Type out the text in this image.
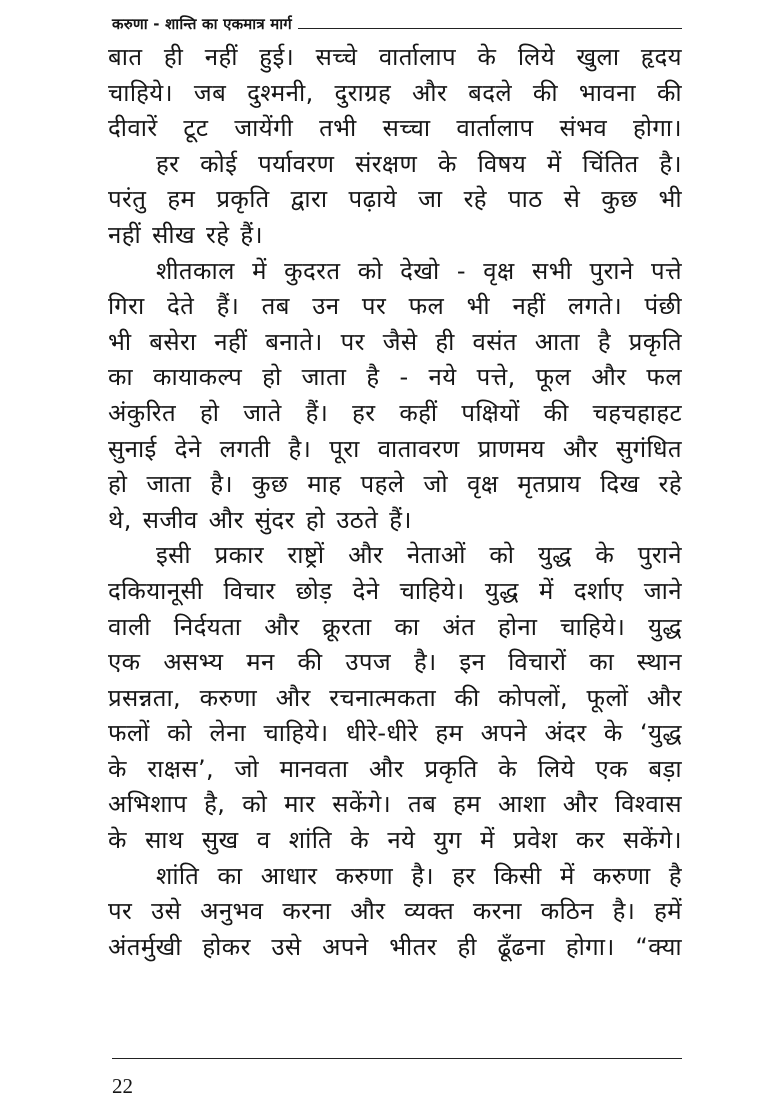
करुणा - शान्ति का एकमात्र मार्ग

बात ही नहीं हुई। सच्चे वार्तालाप के लिये खुला हृदय
चाहिये। जब दुश्मनी, दुराग्रह और बदले की भावना की
दीवारें टूट जायेंगी तभी सच्चा वार्तालाप संभव होगा।

हर कोई पर्यावरण संरक्षण के विषय में चिंतित है।
परंतु हम प्रकृति द्वारा पढ़ाये जा रहे पाठ से कुछ भी
नहीं सीख रहे हैं।

शीतकाल में कुदरत को देखो - वृक्ष सभी पुराने पत्ते
गिरा देते हैं। तब उन पर फल भी नहीं लगते। पंछी
भी बसेरा नहीं बनाते। पर जैसे ही वसंत आता है प्रकृति
का कायाकल्प हो जाता है - नये पत्ते, फूल और फल
अंकुरित हो जाते हैं। हर कहीं पक्षियों की चहचहाहट
सुनाई देने लगती है। पूरा वातावरण प्राणमय और सुगंधित
हो जाता है। कुछ माह पहले जो वृक्ष मृतप्राय दिख रहे
थे, सजीव और सुंदर हो उठते हैं।

इसी प्रकार राष्ट्रों और नेताओं को युद्ध के पुराने
दकियानूसी विचार छोड़ देने चाहिये। युद्ध में दर्शाए जाने
वाली निर्दयता और क्रूरता का अंत होना चाहिये। युद्ध
एक असभ्य मन की उपज है। इन विचारों का स्थान
प्रसन्नता, करुणा और रचनात्मकता की कोपलों, फूलों और
फलों को लेना चाहिये। धीरे-धीरे हम अपने अंदर के ‘युद्ध
के राक्षस’, जो मानवता और प्रकृति के लिये एक बड़ा
अभिशाप है, को मार सकेंगे। तब हम आशा और विश्वास
के साथ सुख व शांति के नये युग में प्रवेश कर सकेंगे।

शांति का आधार करुणा है। हर किसी में करुणा है
पर उसे अनुभव करना और व्यक्त करना कठिन है। हमें
अंतर्मुखी होकर उसे अपने भीतर ही ढूँढना होगा। “क्या

22
